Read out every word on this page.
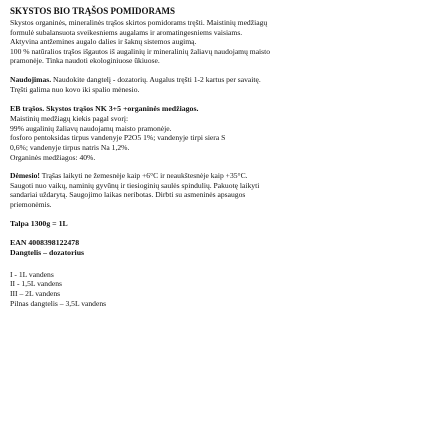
SKYSTOS BIO TRĄŠOS POMIDORAMS
Skystos organinės, mineralinės trąšos skirtos pomidorams tręšti. Maistinių medžiagų
formulė subalansuota sveikesniems augalams ir aromatingesniems vaisiams.
Aktyvina antžemines augalo dalies ir šaknų sistemos augimą.
100 % natūralios trąšos išgautos iš augalinių ir mineralinių žaliavų naudojamų maisto
pramonėje. Tinka naudoti ekologiniuose ūkiuose.
Naudojimas. Naudokite dangtelį - dozatorių. Augalus tręšti 1-2 kartus per savaitę.
Tręšti galima nuo kovo iki spalio mėnesio.
EB trąšos. Skystos trąšos NK 3+5 +organinės medžiagos.
Maistinių medžiagų kiekis pagal svorį:
99% augalinių žaliavų naudojamų maisto pramonėje.
fosforo pentoksidas tirpus vandenyje P2O5 1%; vandenyje tirpi siera S
0,6%; vandenyje tirpus natris Na 1,2%.
Organinės medžiagos: 40%.
Dėmesio! Trąšas laikyti ne žemesnėje kaip +6°C ir neaukštesnėje kaip +35°C.
Saugoti nuo vaikų, naminių gyvūnų ir tiesioginių saulės spindulių. Pakuotę laikyti
sandariai uždarytą. Saugojimo laikas neribotas. Dirbti su asmeninės apsaugos
priemonėmis.
Talpa 1300g = 1L
EAN 4008398122478
Dangtelis – dozatorius
I - 1L vandens
II - 1,5L vandens
III – 2L vandens
Pilnas dangtelis – 3,5L vandens
